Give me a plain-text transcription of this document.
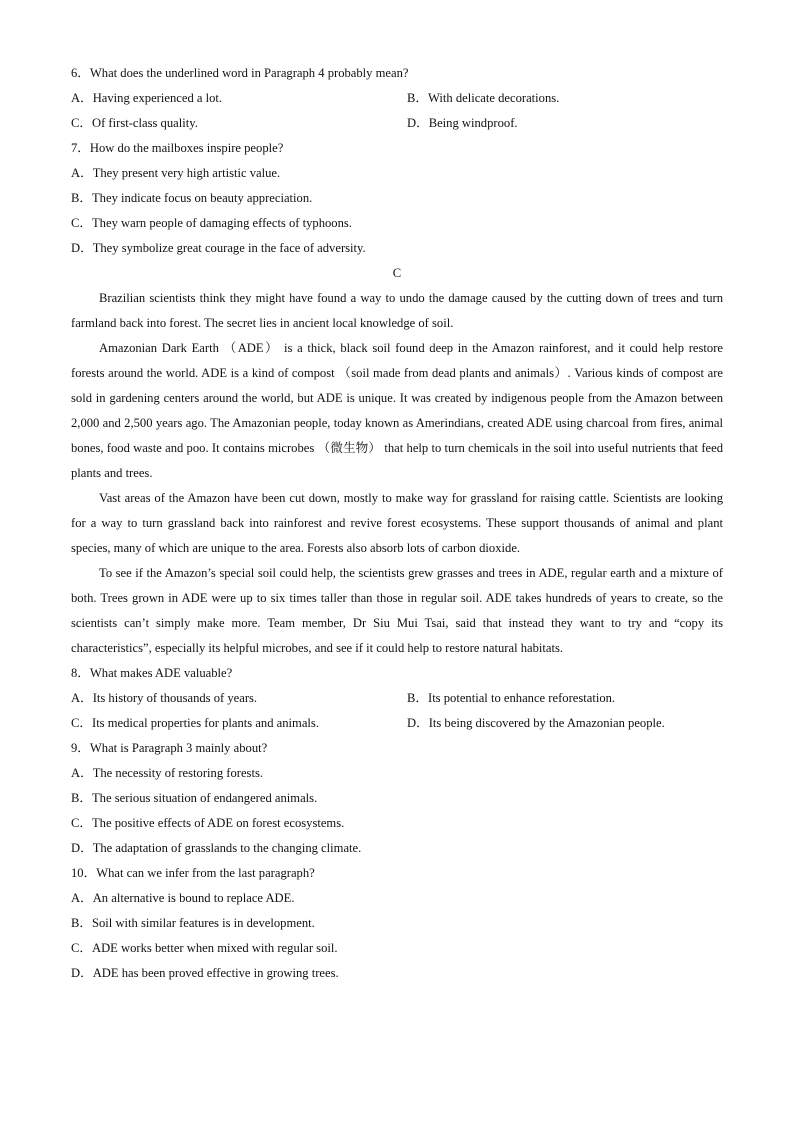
6．What does the underlined word in Paragraph 4 probably mean?
A．Having experienced a lot.	B．With delicate decorations.
C．Of first-class quality.	D．Being windproof.
7．How do the mailboxes inspire people?
A．They present very high artistic value.
B．They indicate focus on beauty appreciation.
C．They warn people of damaging effects of typhoons.
D．They symbolize great courage in the face of adversity.
C

Brazilian scientists think they might have found a way to undo the damage caused by the cutting down of trees and turn farmland back into forest. The secret lies in ancient local knowledge of soil.

Amazonian Dark Earth （ADE） is a thick, black soil found deep in the Amazon rainforest, and it could help restore forests around the world. ADE is a kind of compost （soil made from dead plants and animals）. Various kinds of compost are sold in gardening centers around the world, but ADE is unique. It was created by indigenous people from the Amazon between 2,000 and 2,500 years ago. The Amazonian people, today known as Amerindians, created ADE using charcoal from fires, animal bones, food waste and poo. It contains microbes （微生物） that help to turn chemicals in the soil into useful nutrients that feed plants and trees.

Vast areas of the Amazon have been cut down, mostly to make way for grassland for raising cattle. Scientists are looking for a way to turn grassland back into rainforest and revive forest ecosystems. These support thousands of animal and plant species, many of which are unique to the area. Forests also absorb lots of carbon dioxide.

To see if the Amazon’s special soil could help, the scientists grew grasses and trees in ADE, regular earth and a mixture of both. Trees grown in ADE were up to six times taller than those in regular soil. ADE takes hundreds of years to create, so the scientists can’t simply make more. Team member, Dr Siu Mui Tsai, said that instead they want to try and “copy its characteristics”, especially its helpful microbes, and see if it could help to restore natural habitats.

8．What makes ADE valuable?
A．Its history of thousands of years.	B．Its potential to enhance reforestation.
C．Its medical properties for plants and animals.	D．Its being discovered by the Amazonian people.
9．What is Paragraph 3 mainly about?
A．The necessity of restoring forests.
B．The serious situation of endangered animals.
C．The positive effects of ADE on forest ecosystems.
D．The adaptation of grasslands to the changing climate.
10．What can we infer from the last paragraph?
A．An alternative is bound to replace ADE.
B．Soil with similar features is in development.
C．ADE works better when mixed with regular soil.
D．ADE has been proved effective in growing trees.
